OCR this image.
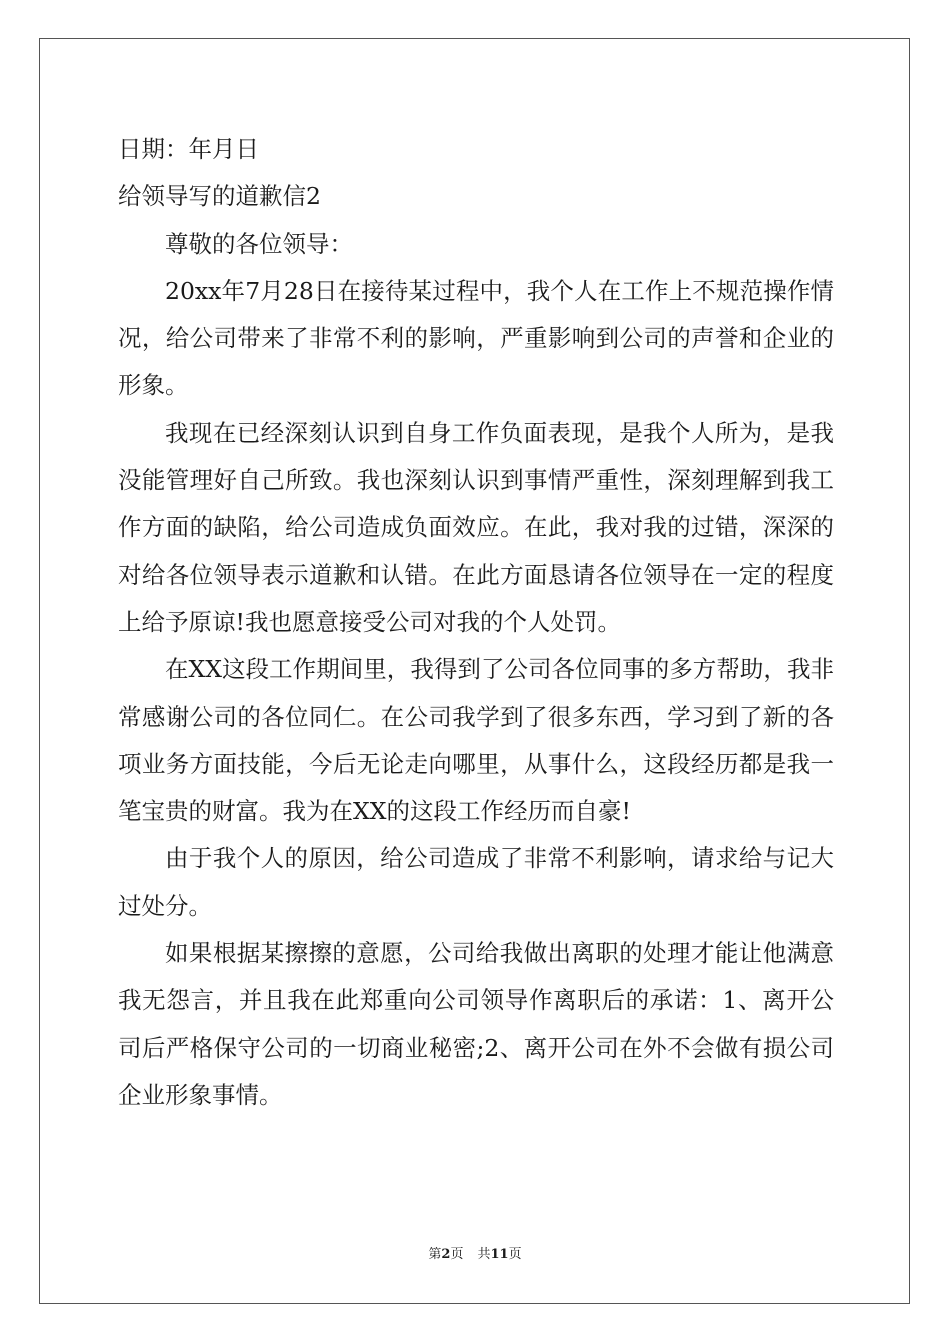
日期：年月日

给领导写的道歉信2

尊敬的各位领导：

20xx年7月28日在接待某过程中，我个人在工作上不规范操作情况，给公司带来了非常不利的影响，严重影响到公司的声誉和企业的形象。

我现在已经深刻认识到自身工作负面表现，是我个人所为，是我没能管理好自己所致。我也深刻认识到事情严重性，深刻理解到我工作方面的缺陷，给公司造成负面效应。在此，我对我的过错，深深的对给各位领导表示道歉和认错。在此方面恳请各位领导在一定的程度上给予原谅!我也愿意接受公司对我的个人处罚。

在XX这段工作期间里，我得到了公司各位同事的多方帮助，我非常感谢公司的各位同仁。在公司我学到了很多东西，学习到了新的各项业务方面技能，今后无论走向哪里，从事什么，这段经历都是我一笔宝贵的财富。我为在XX的这段工作经历而自豪!

由于我个人的原因，给公司造成了非常不利影响，请求给与记大过处分。

如果根据某擦擦的意愿，公司给我做出离职的处理才能让他满意我无怨言，并且我在此郑重向公司领导作离职后的承诺：1、离开公司后严格保守公司的一切商业秘密;2、离开公司在外不会做有损公司企业形象事情。

第2页 共11页
